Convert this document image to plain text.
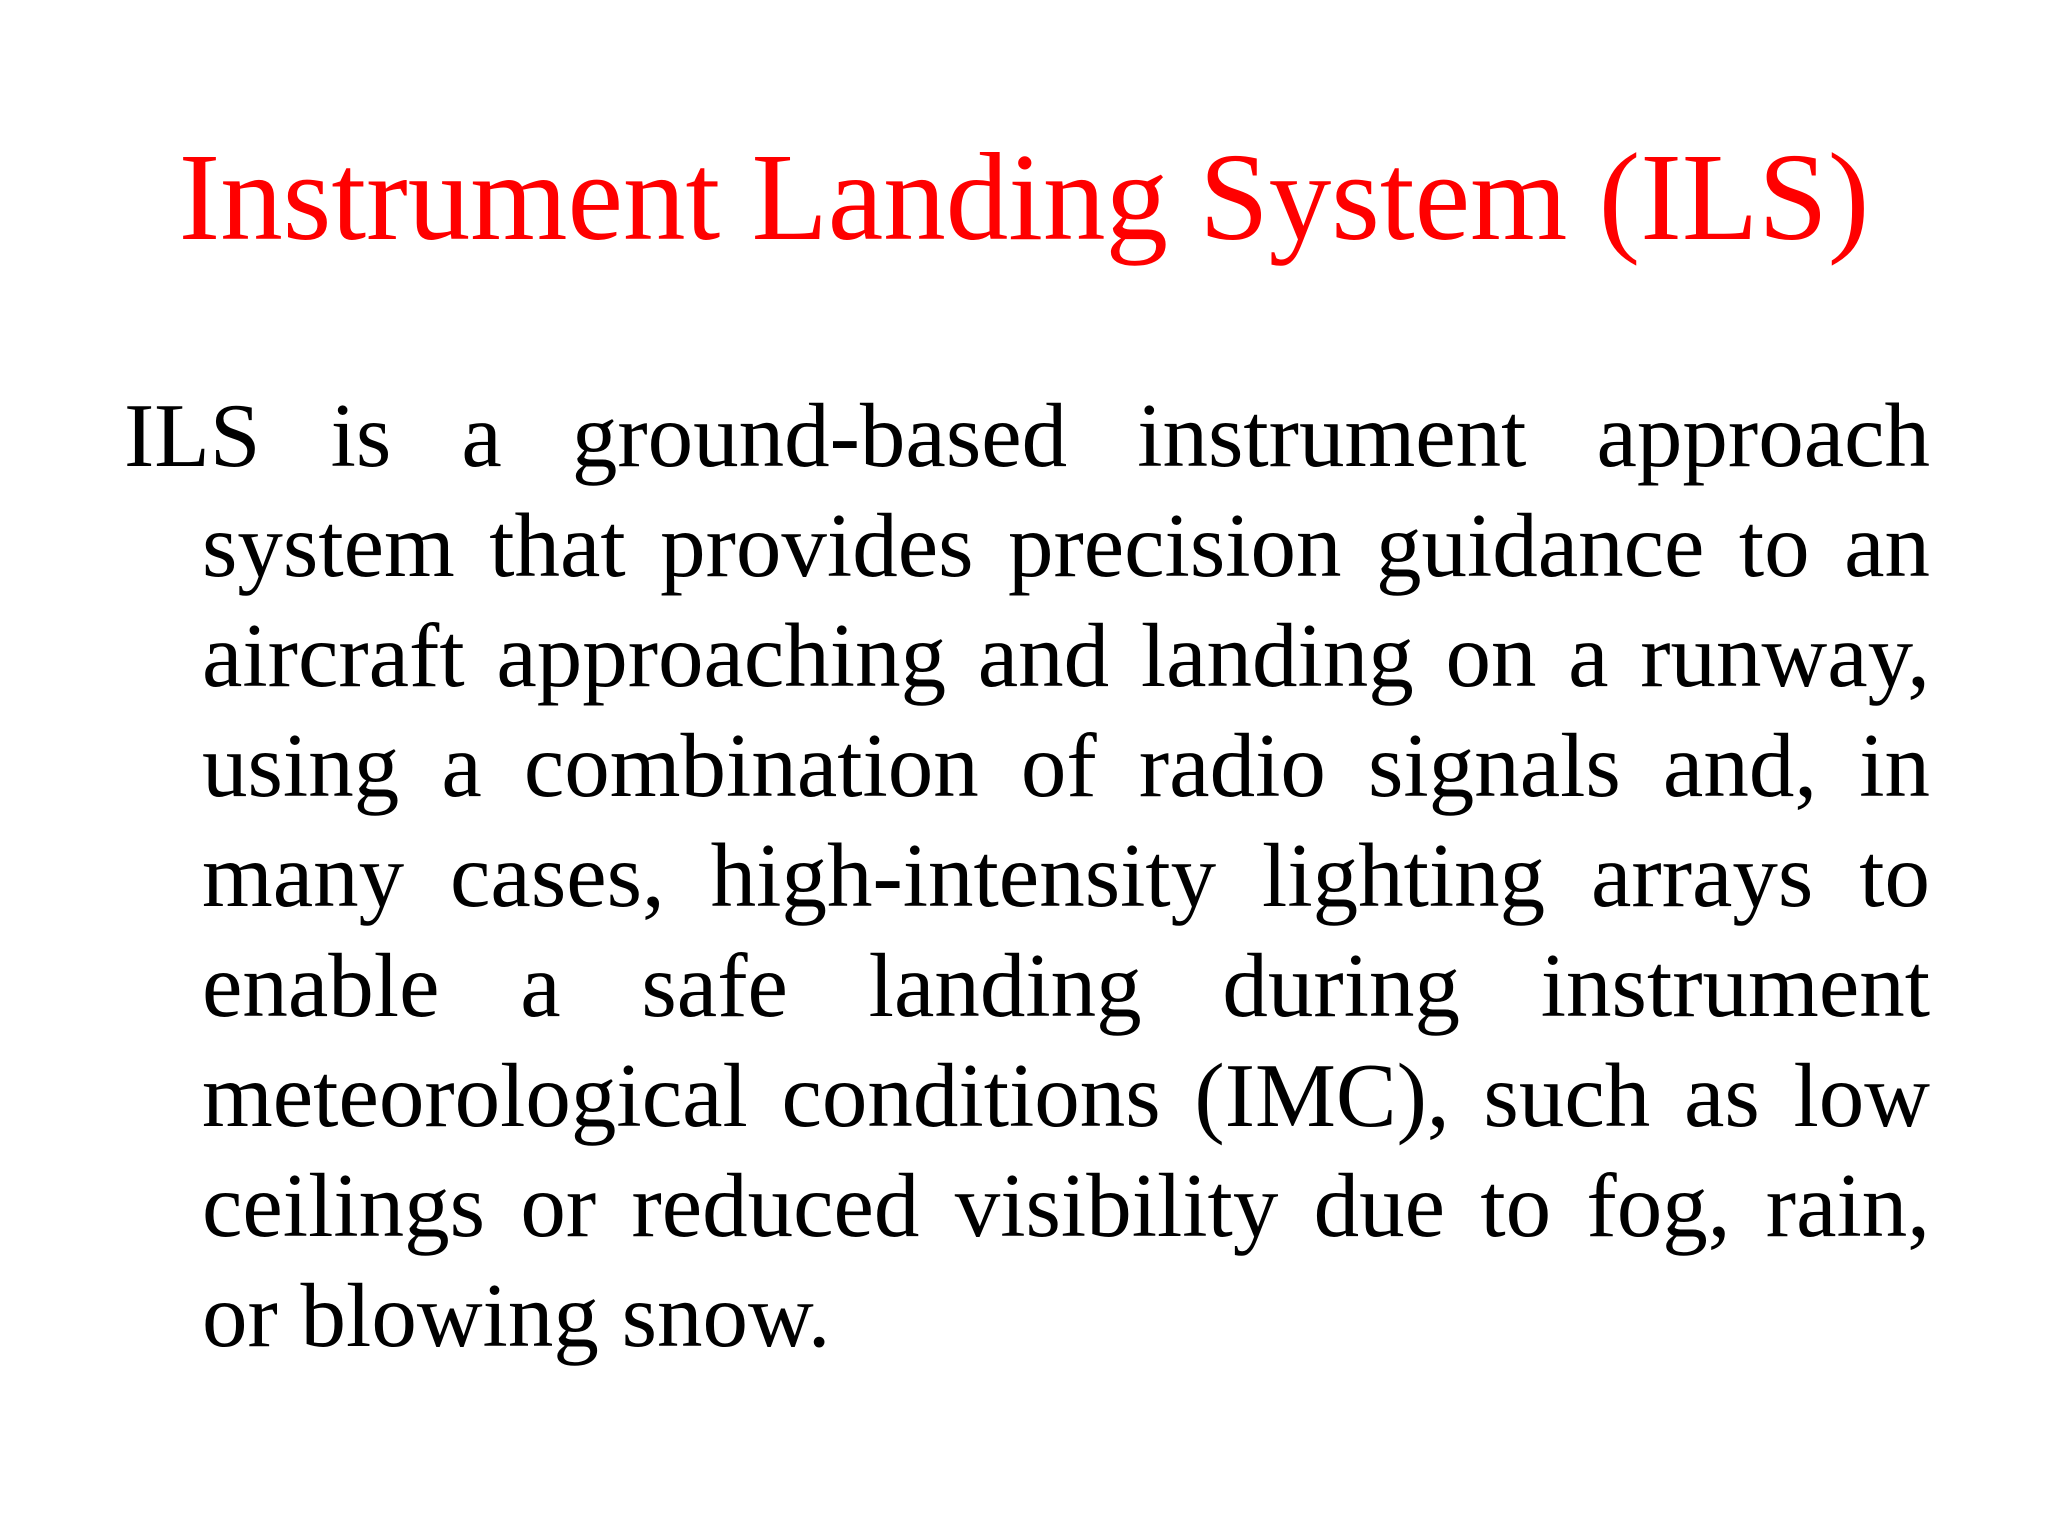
Instrument Landing System (ILS)

ILS is a ground-based instrument approach system that provides precision guidance to an aircraft approaching and landing on a runway, using a combination of radio signals and, in many cases, high-intensity lighting arrays to enable a safe landing during instrument meteorological conditions (IMC), such as low ceilings or reduced visibility due to fog, rain, or blowing snow.
